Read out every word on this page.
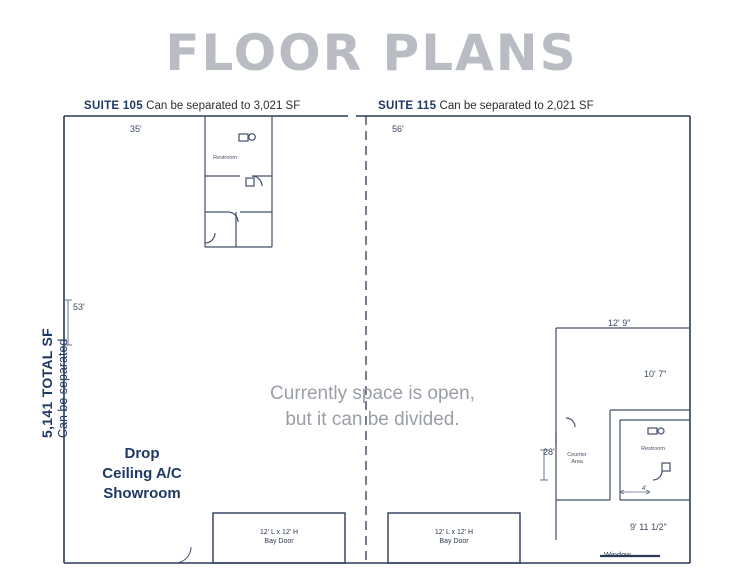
FLOOR PLANS
SUITE 105 Can be separated to 3,021 SF	SUITE 115 Can be separated to 2,021 SF
5,141 TOTAL SF
Can be separated
35'	56'
53'
12' 9"
10' 7"
9' 11 1/2"
28'
4'
Restroom
Counter
Area
Restroom
Currently space is open,
but it can be divided.
Drop
Ceiling A/C
Showroom
12' L x 12' H
Bay Door
12' L x 12' H
Bay Door
Window
